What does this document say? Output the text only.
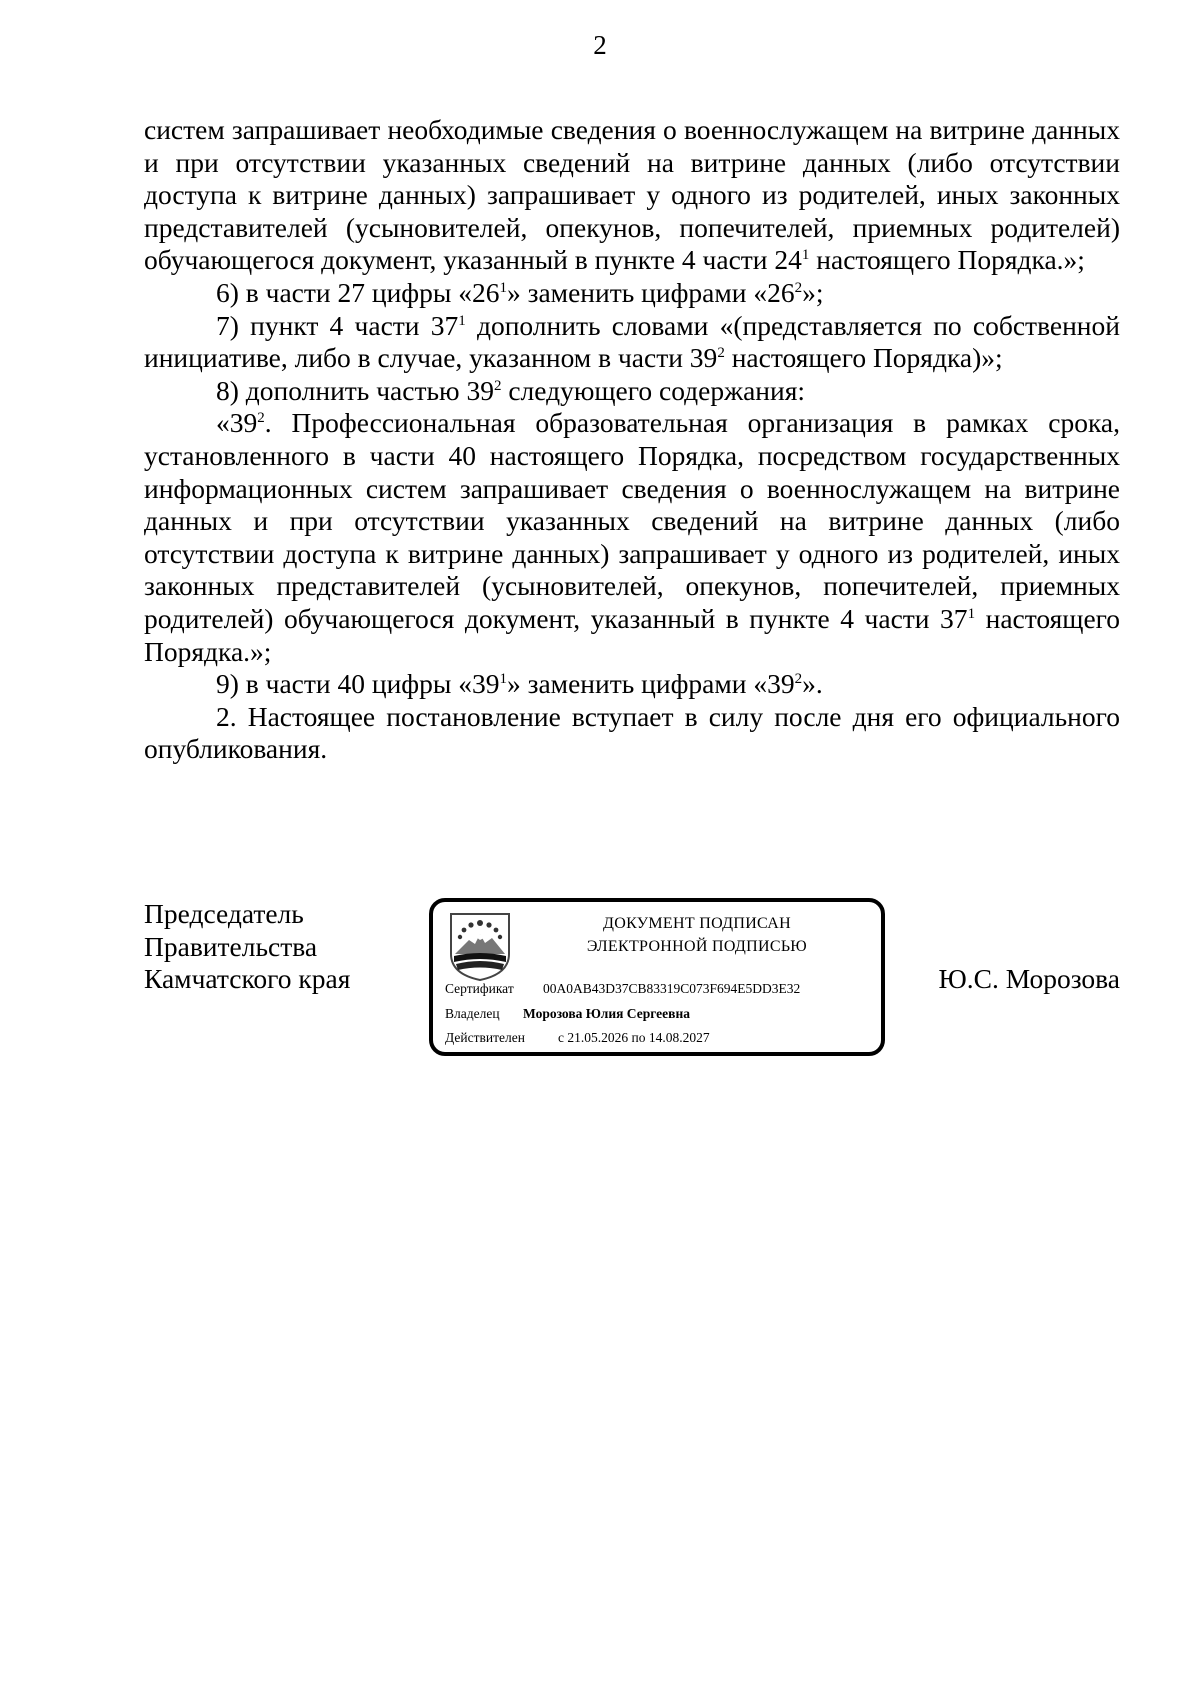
2

систем запрашивает необходимые сведения о военнослужащем на витрине данных и при отсутствии указанных сведений на витрине данных (либо отсутствии доступа к витрине данных) запрашивает у одного из родителей, иных законных представителей (усыновителей, опекунов, попечителей, приемных родителей) обучающегося документ, указанный в пункте 4 части $24^1$ настоящего Порядка.»;

6) в части 27 цифры «$26^1$» заменить цифрами «$26^2$»;

7) пункт 4 части $37^1$ дополнить словами «(представляется по собственной инициативе, либо в случае, указанном в части $39^2$ настоящего Порядка)»;

8) дополнить частью $39^2$ следующего содержания:

«$39^2$. Профессиональная образовательная организация в рамках срока, установленного в части 40 настоящего Порядка, посредством государственных информационных систем запрашивает сведения о военнослужащем на витрине данных и при отсутствии указанных сведений на витрине данных (либо отсутствии доступа к витрине данных) запрашивает у одного из родителей, иных законных представителей (усыновителей, опекунов, попечителей, приемных родителей) обучающегося документ, указанный в пункте 4 части $37^1$ настоящего Порядка.»;

9) в части 40 цифры «$39^1$» заменить цифрами «$39^2$».

2. Настоящее постановление вступает в силу после дня его официального опубликования.

Председатель
Правительства
Камчатского края
ДОКУМЕНТ ПОДПИСАН
ЭЛЕКТРОННОЙ ПОДПИСЬЮ
Сертификат 00A0AB43D37CB83319C073F694E5DD3E32
Владелец Морозова Юлия Сергеевна
Действителен с 21.05.2026 по 14.08.2027
Ю.С. Морозова
